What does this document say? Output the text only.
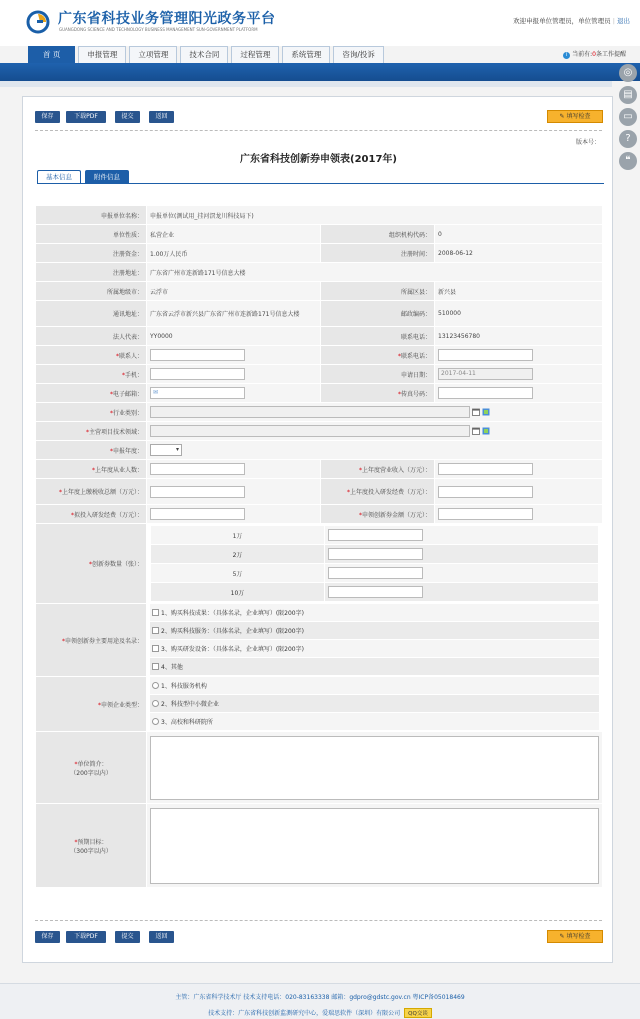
广东省科技业务管理阳光政务平台
GUANGDONG SCIENCE AND TECHNOLOGY BUSINESS MANAGEMENT SUN-GOVERNMENT PLATFORM
欢迎申报单位管理员，单位管理员 | 退出
i 当前有:0条工作提醒
首 页	申报管理	立项管理	技术合同	过程管理	系统管理	咨询/投诉
◎
▤
▭
?
❝
保存	下载PDF	提交	返回	✎ 填写检查
版本号：
广东省科技创新券申领表(2017年)
基本信息	附件信息
申报单位名称：	申报单位(测试用_挂河滘龙川科技局下)
单位性质：	私营企业	组织机构代码：	0
注册资金：	1.00万人民币	注册时间：	2008-06-12
注册地址：	广东省广州市连新路171号信息大楼
所属地级市：	云浮市	所属区县：	新兴县
通讯地址：	广东省云浮市新兴县广东省广州市连新路171号信息大楼	邮政编码：	510000
法人代表：	YY0000	联系电话：	13123456780
*联系人：		*联系电话：	
*手机：		申请日期：	2017-04-11
*电子邮箱：	✉	*传真号码：	
*行业类别：	
*主营项目技术领域：	
*申报年度：	▾
*上年度从业人数：		*上年度营业收入（万元）：	
*上年度上缴税收总额（万元）：		*上年度投入研发经费（万元）：	
*拟投入研发经费（万元）：		*申领创新券金额（万元）：	
*创新券数量（张）：	
1万	
2万	
5万	
10万	

*申领创新券主要用途及名录：	
1、购买科技成果：（具体名录，企业填写）(限200字)
2、购买科技服务：（具体名录，企业填写）(限200字)
3、购买研发设备：（具体名录，企业填写）(限200字)
4、其他

*申领企业类型：	
1、科技服务机构
2、科技型中小微企业
3、高校和科研院所

*单位简介：
（200字以内）	

*预期目标：
（300字以内）	
保存	下载PDF	提交	返回	✎ 填写检查
主管：广东省科学技术厅 技术支持电话：020-83163338 邮箱：gdpro@gdstc.gov.cn 粤ICP备05018469
技术支持：广东省科技创新监测研究中心，爱瑞思软件（深圳）有限公司 QQ交谈
